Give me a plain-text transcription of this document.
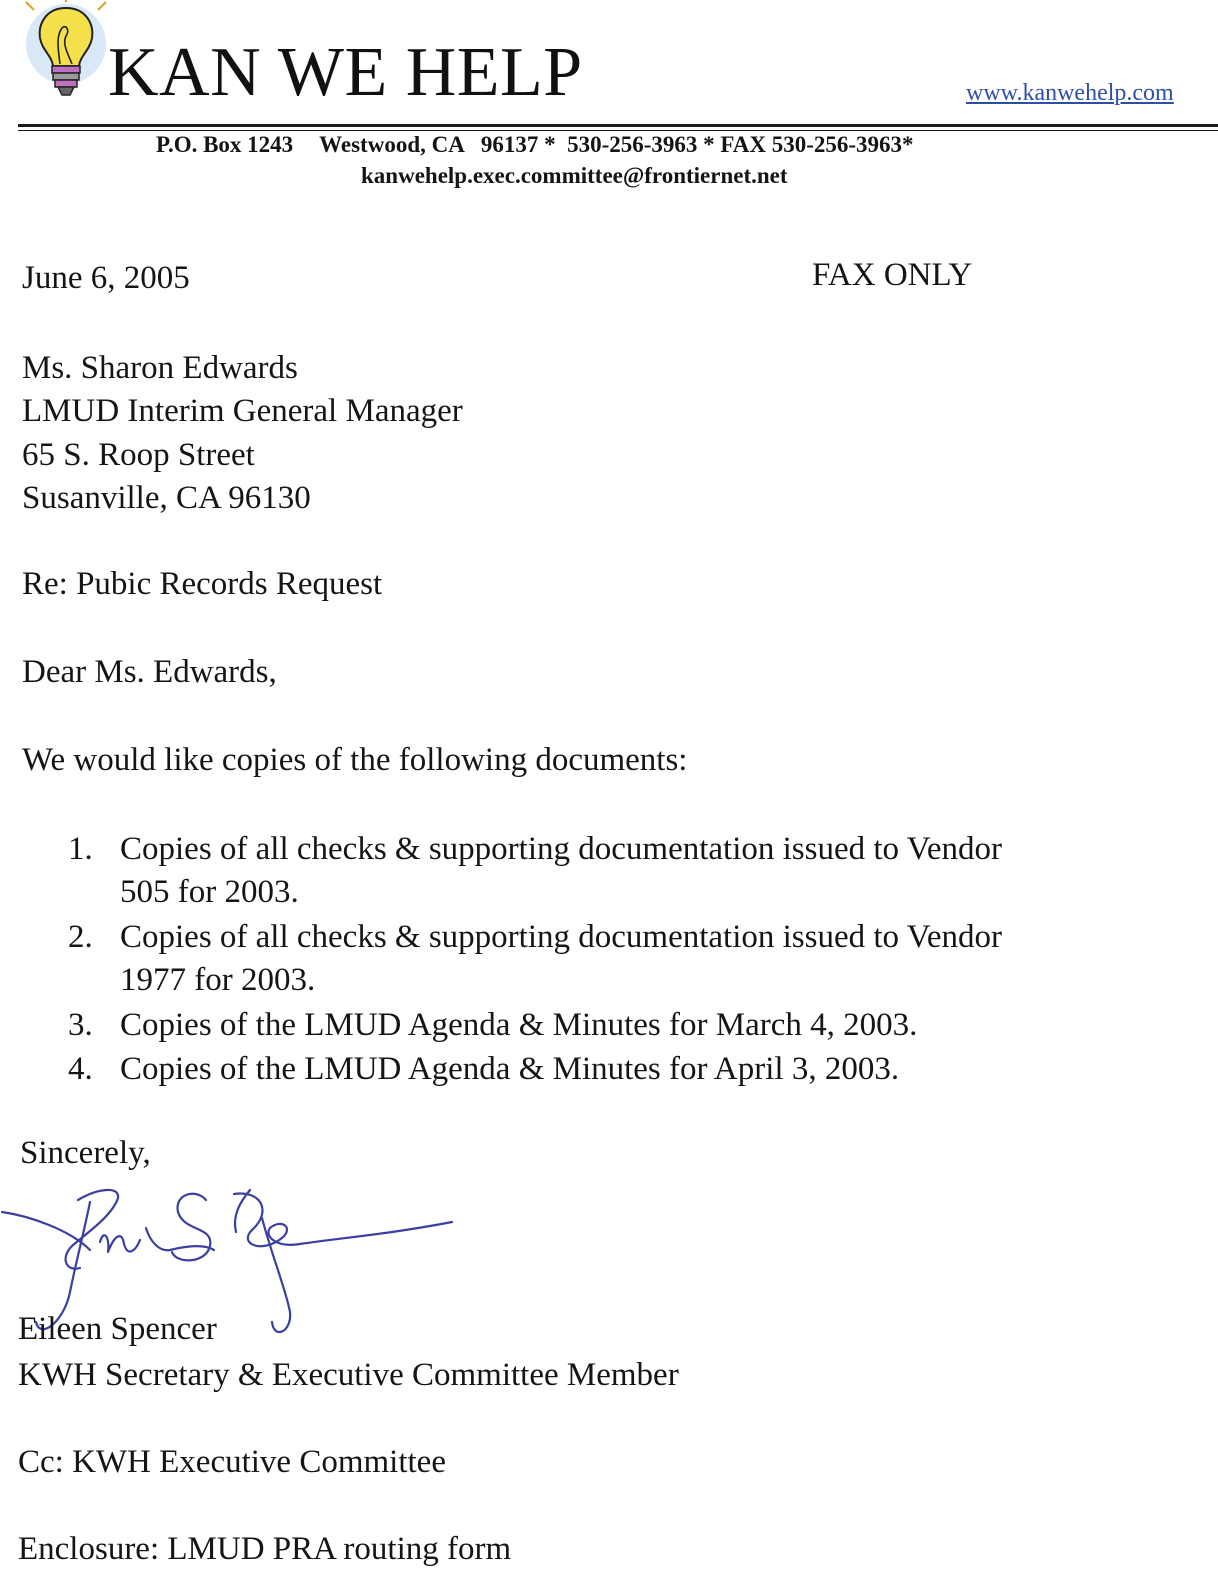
KAN WE HELP	www.kanwehelp.com
P.O. Box 1243 Westwood, CA   96137 *  530-256-3963 * FAX 530-256-3963*
kanwehelp.exec.committee@frontiernet.net
June 6, 2005	FAX ONLY
Ms. Sharon Edwards
LMUD Interim General Manager
65 S. Roop Street
Susanville, CA 96130
Re: Pubic Records Request
Dear Ms. Edwards,
We would like copies of the following documents:
1. Copies of all checks & supporting documentation issued to Vendor
505 for 2003.
2. Copies of all checks & supporting documentation issued to Vendor
1977 for 2003.
3. Copies of the LMUD Agenda & Minutes for March 4, 2003.
4. Copies of the LMUD Agenda & Minutes for April 3, 2003.
Sincerely,
Eileen Spencer
KWH Secretary & Executive Committee Member
Cc: KWH Executive Committee
Enclosure: LMUD PRA routing form
